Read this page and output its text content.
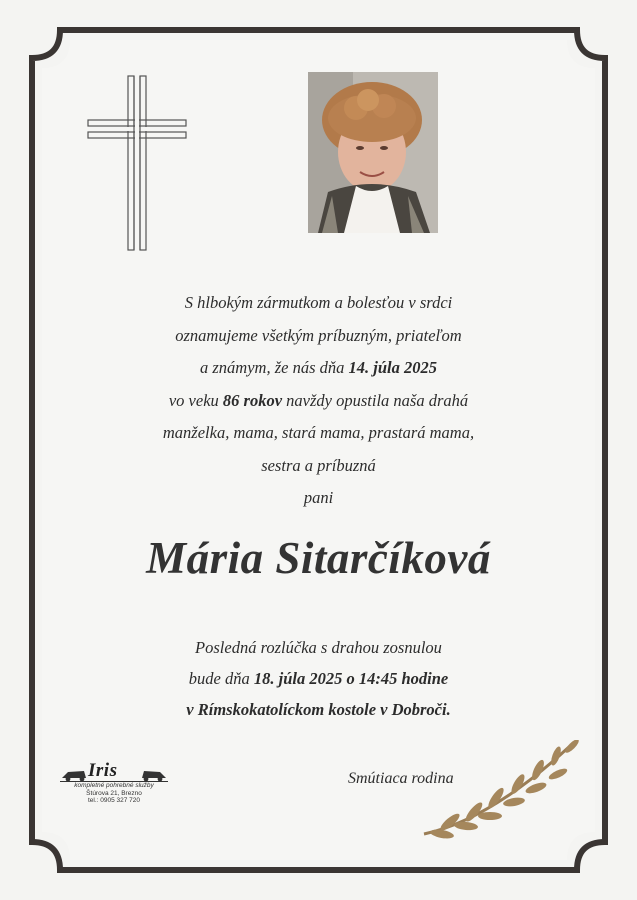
S hlbokým zármutkom a bolesťou v srdci
oznamujeme všetkým príbuzným, priateľom
a známym, že nás dňa 14. júla 2025
vo veku 86 rokov navždy opustila naša drahá
manželka, mama, stará mama, prastará mama,
sestra a príbuzná
pani
Mária Sitarčíková
Posledná rozlúčka s drahou zosnulou
bude dňa 18. júla 2025 o 14:45 hodine
v Rímskokatolíckom kostole v Dobroči.
Iris
kompletné pohrebné služby
Štúrova 21, Brezno
tel.: 0905 327 720
Smútiaca rodina
